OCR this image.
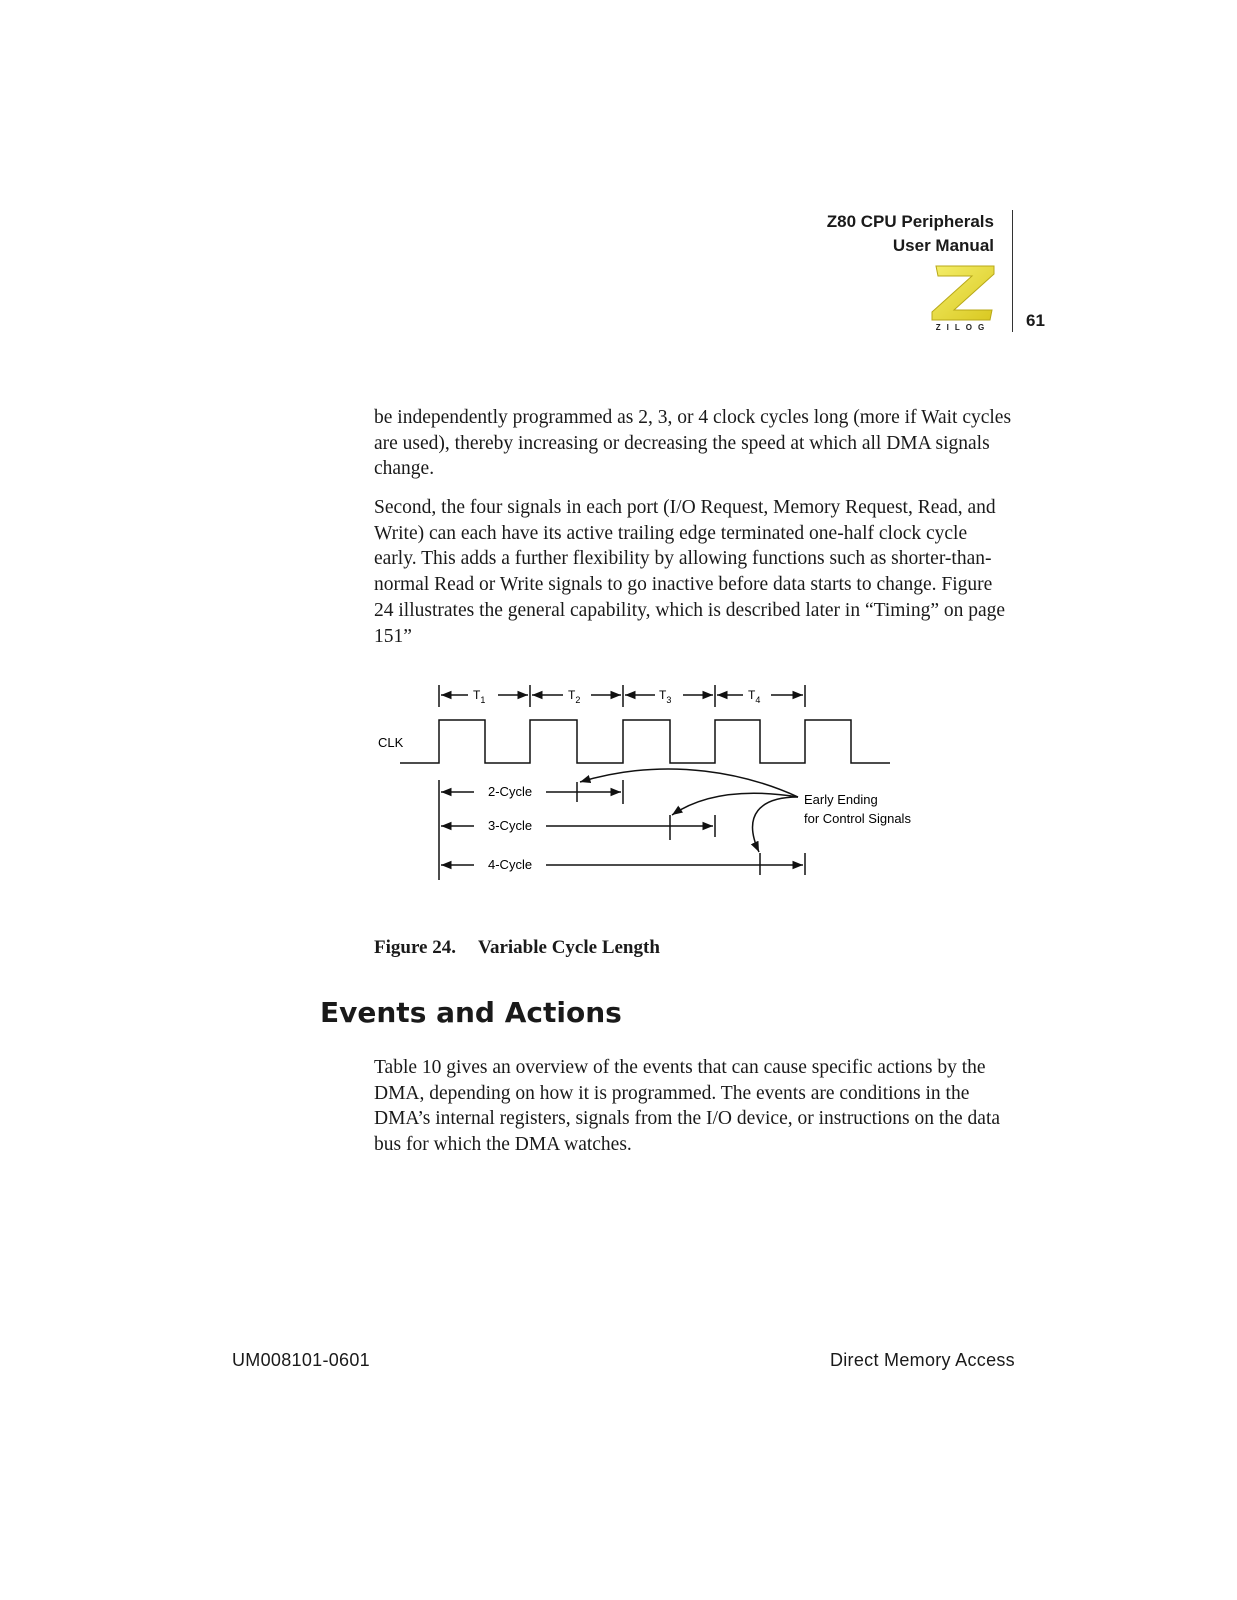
Z80 CPU Peripherals
User Manual
ZILOG 61

be independently programmed as 2, 3, or 4 clock cycles long (more if Wait cycles are used), thereby increasing or decreasing the speed at which all DMA signals change.

Second, the four signals in each port (I/O Request, Memory Request, Read, and Write) can each have its active trailing edge terminated one-half clock cycle early. This adds a further flexibility by allowing functions such as shorter-than-normal Read or Write signals to go inactive before data starts to change. Figure 24 illustrates the general capability, which is described later in “Timing” on page 151”

$T_1$	$T_2$	$T_3$	$T_4$
CLK
2-Cycle
3-Cycle
4-Cycle
Early Ending
for Control Signals
Figure 24. Variable Cycle Length
Events and Actions

Table 10 gives an overview of the events that can cause specific actions by the DMA, depending on how it is programmed. The events are conditions in the DMA’s internal registers, signals from the I/O device, or instructions on the data bus for which the DMA watches.

UM008101-0601	Direct Memory Access
